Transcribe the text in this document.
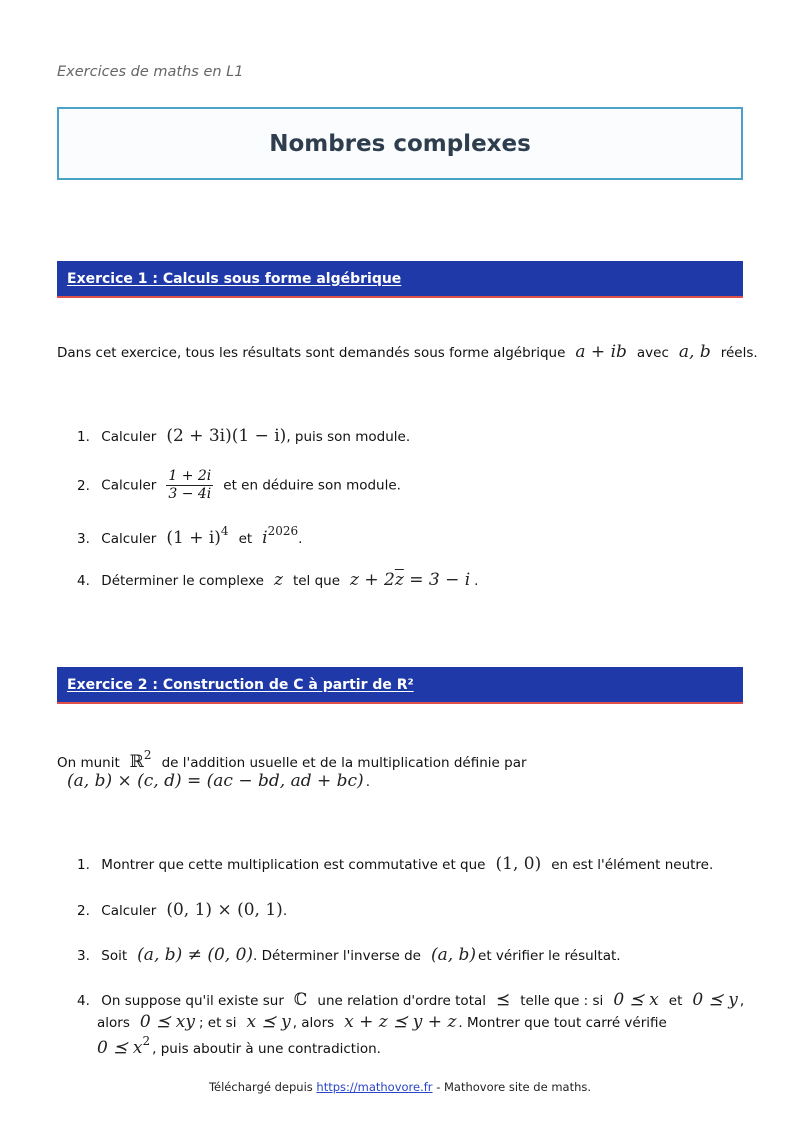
Exercices de maths en L1
Nombres complexes
Exercice 1 : Calculs sous forme algébrique
Dans cet exercice, tous les résultats sont demandés sous forme algébrique a + ib avec a, b réels.
1. Calculer (2 + 3i)(1 − i), puis son module.
2. Calculer $\frac{1 + 2i}{3 - 4i}$ et en déduire son module.
3. Calculer $(1 + i)^4$ et $i^{2026}$.
4. Déterminer le complexe z tel que $z + 2\overline{z} = 3 - i$ .
Exercice 2 : Construction de C à partir de R²
On munit ℝ$^2$ de l'addition usuelle et de la multiplication définie par
(a, b) × (c, d) = (ac − bd, ad + bc) .
1. Montrer que cette multiplication est commutative et que (1, 0) en est l'élément neutre.
2. Calculer (0, 1) × (0, 1).
3. Soit (a, b) ≠ (0, 0). Déterminer l'inverse de (a, b) et vérifier le résultat.
4. On suppose qu'il existe sur ℂ une relation d'ordre total ⪯ telle que : si 0 ⪯ x et 0 ⪯ y ,
alors 0 ⪯ xy ; et si x ⪯ y , alors x + z ⪯ y + z . Montrer que tout carré vérifie
0 ⪯ $x^2$ , puis aboutir à une contradiction.
Téléchargé depuis https://mathovore.fr - Mathovore site de maths.
